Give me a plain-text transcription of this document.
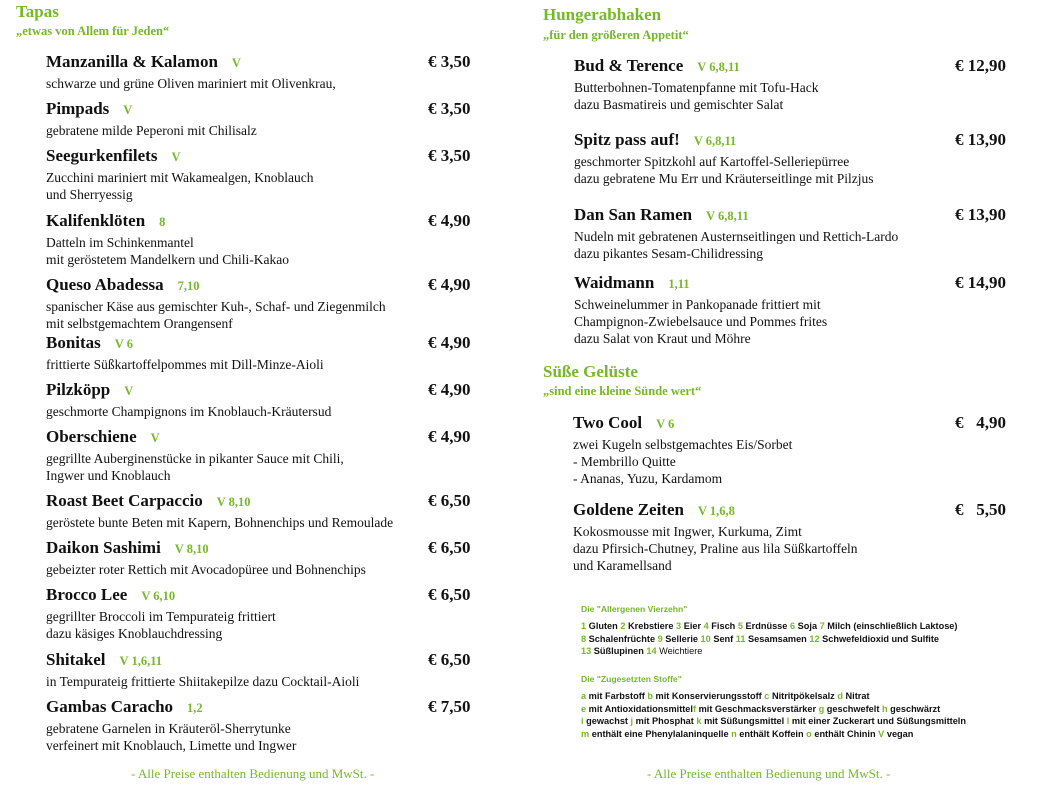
Tapas
„etwas von Allem für Jeden“
Manzanilla & Kalamon V
schwarze und grüne Oliven mariniert mit Olivenkrau,
€ 3,50
Pimpads V
gebratene milde Peperoni mit Chilisalz
€ 3,50
Seegurkenfilets V
Zucchini mariniert mit Wakamealgen, Knoblauch
und Sherryessig
€ 3,50
Kalifenklöten 8
Datteln im Schinkenmantel
mit geröstetem Mandelkern und Chili-Kakao
€ 4,90
Queso Abadessa 7,10
spanischer Käse aus gemischter Kuh-, Schaf- und Ziegenmilch
mit selbstgemachtem Orangensenf
€ 4,90
Bonitas V 6
frittierte Süßkartoffelpommes mit Dill-Minze-Aioli
€ 4,90
Pilzköpp V
geschmorte Champignons im Knoblauch-Kräutersud
€ 4,90
Oberschiene V
gegrillte Auberginenstücke in pikanter Sauce mit Chili,
Ingwer und Knoblauch
€ 4,90
Roast Beet Carpaccio V 8,10
geröstete bunte Beten mit Kapern, Bohnenchips und Remoulade
€ 6,50
Daikon Sashimi V 8,10
gebeizter roter Rettich mit Avocadopüree und Bohnenchips
€ 6,50
Brocco Lee V 6,10
gegrillter Broccoli im Tempurateig frittiert
dazu käsiges Knoblauchdressing
€ 6,50
Shitakel V 1,6,11
in Tempurateig frittierte Shiitakepilze dazu Cocktail-Aioli
€ 6,50
Gambas Caracho 1,2
gebratene Garnelen in Kräuteröl-Sherrytunke
verfeinert mit Knoblauch, Limette und Ingwer
€ 7,50
Hungerabhaken
„für den größeren Appetit“
Bud & Terence V 6,8,11
Butterbohnen-Tomatenpfanne mit Tofu-Hack
dazu Basmatireis und gemischter Salat
€ 12,90
Spitz pass auf! V 6,8,11
geschmorter Spitzkohl auf Kartoffel-Selleriepürree
dazu gebratene Mu Err und Kräuterseitlinge mit Pilzjus
€ 13,90
Dan San Ramen V 6,8,11
Nudeln mit gebratenen Austernseitlingen und Rettich-Lardo
dazu pikantes Sesam-Chilidressing
€ 13,90
Waidmann 1,11
Schweinelummer in Pankopanade frittiert mit
Champignon-Zwiebelsauce und Pommes frites
dazu Salat von Kraut und Möhre
€ 14,90
Süße Gelüste
„sind eine kleine Sünde wert“
Two Cool V 6
zwei Kugeln selbstgemachtes Eis/Sorbet
- Membrillo Quitte
- Ananas, Yuzu, Kardamom
€   4,90
Goldene Zeiten V 1,6,8
Kokosmousse mit Ingwer, Kurkuma, Zimt
dazu Pfirsich-Chutney, Praline aus lila Süßkartoffeln
und Karamellsand
€   5,50
Die "Allergenen Vierzehn"
1 Gluten 2 Krebstiere 3 Eier 4 Fisch 5 Erdnüsse 6 Soja 7 Milch (einschließlich Laktose)
8 Schalenfrüchte 9 Sellerie 10 Senf 11 Sesamsamen 12 Schwefeldioxid und Sulfite
13 Süßlupinen 14 Weichtiere
Die "Zugesetzten Stoffe"
a mit Farbstoff b mit Konservierungsstoff c Nitritpökelsalz d Nitrat
e mit Antioxidationsmittelf mit Geschmacksverstärker g geschwefelt h geschwärzt
i gewachst j mit Phosphat k mit Süßungsmittel l mit einer Zuckerart und Süßungsmitteln
m enthält eine Phenylalaninquelle n enthält Koffein o enthält Chinin V vegan
- Alle Preise enthalten Bedienung und MwSt. -	- Alle Preise enthalten Bedienung und MwSt. -
